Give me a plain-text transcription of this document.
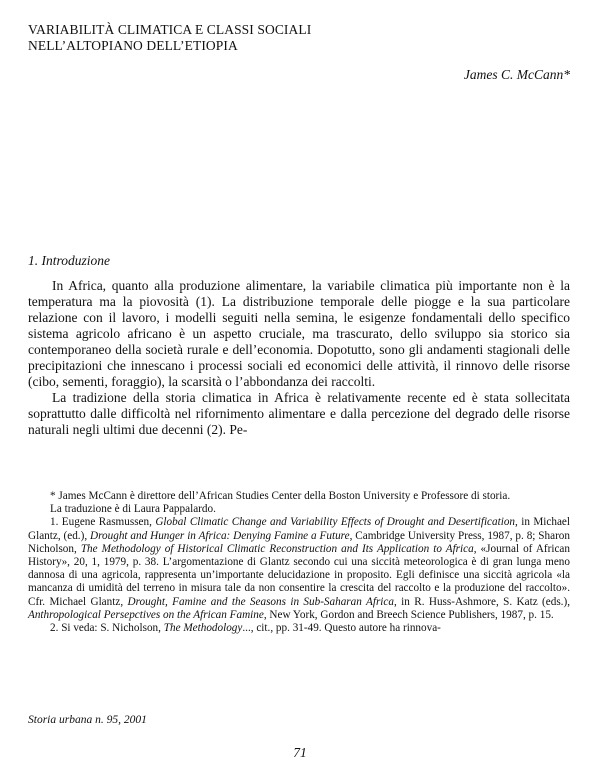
VARIABILITÀ CLIMATICA E CLASSI SOCIALI
NELL’ALTOPIANO DELL’ETIOPIA
James C. McCann*
1. Introduzione

In Africa, quanto alla produzione alimentare, la variabile climatica più importante non è la temperatura ma la piovosità (1). La distribuzione temporale delle piogge e la sua particolare relazione con il lavoro, i modelli seguiti nella semina, le esigenze fondamentali dello specifico sistema agricolo africano è un aspetto cruciale, ma trascurato, dello sviluppo sia storico sia contemporaneo della società rurale e dell’economia. Dopotutto, sono gli andamenti stagionali delle precipitazioni che innescano i processi sociali ed economici delle attività, il rinnovo delle risorse (cibo, sementi, foraggio), la scarsità o l’abbondanza dei raccolti.

La tradizione della storia climatica in Africa è relativamente recente ed è stata sollecitata soprattutto dalle difficoltà nel rifornimento alimentare e dalla percezione del degrado delle risorse naturali negli ultimi due decenni (2). Pe-

* James McCann è direttore dell’African Studies Center della Boston University e Professore di storia.

La traduzione è di Laura Pappalardo.

1. Eugene Rasmussen, Global Climatic Change and Variability Effects of Drought and Desertification, in Michael Glantz, (ed.), Drought and Hunger in Africa: Denying Famine a Future, Cambridge University Press, 1987, p. 8; Sharon Nicholson, The Methodology of Historical Climatic Reconstruction and Its Application to Africa, «Journal of African History», 20, 1, 1979, p. 38. L’argomentazione di Glantz secondo cui una siccità meteorologica è di gran lunga meno dannosa di una agricola, rappresenta un’importante delucidazione in proposito. Egli definisce una siccità agricola «la mancanza di umidità del terreno in misura tale da non consentire la crescita del raccolto e la produzione del raccolto». Cfr. Michael Glantz, Drought, Famine and the Seasons in Sub-Saharan Africa, in R. Huss-Ashmore, S. Katz (eds.), Anthropological Persepctives on the African Famine, New York, Gordon and Breech Science Publishers, 1987, p. 15.

2. Si veda: S. Nicholson, The Methodology..., cit., pp. 31-49. Questo autore ha rinnova-

Storia urbana n. 95, 2001
71
